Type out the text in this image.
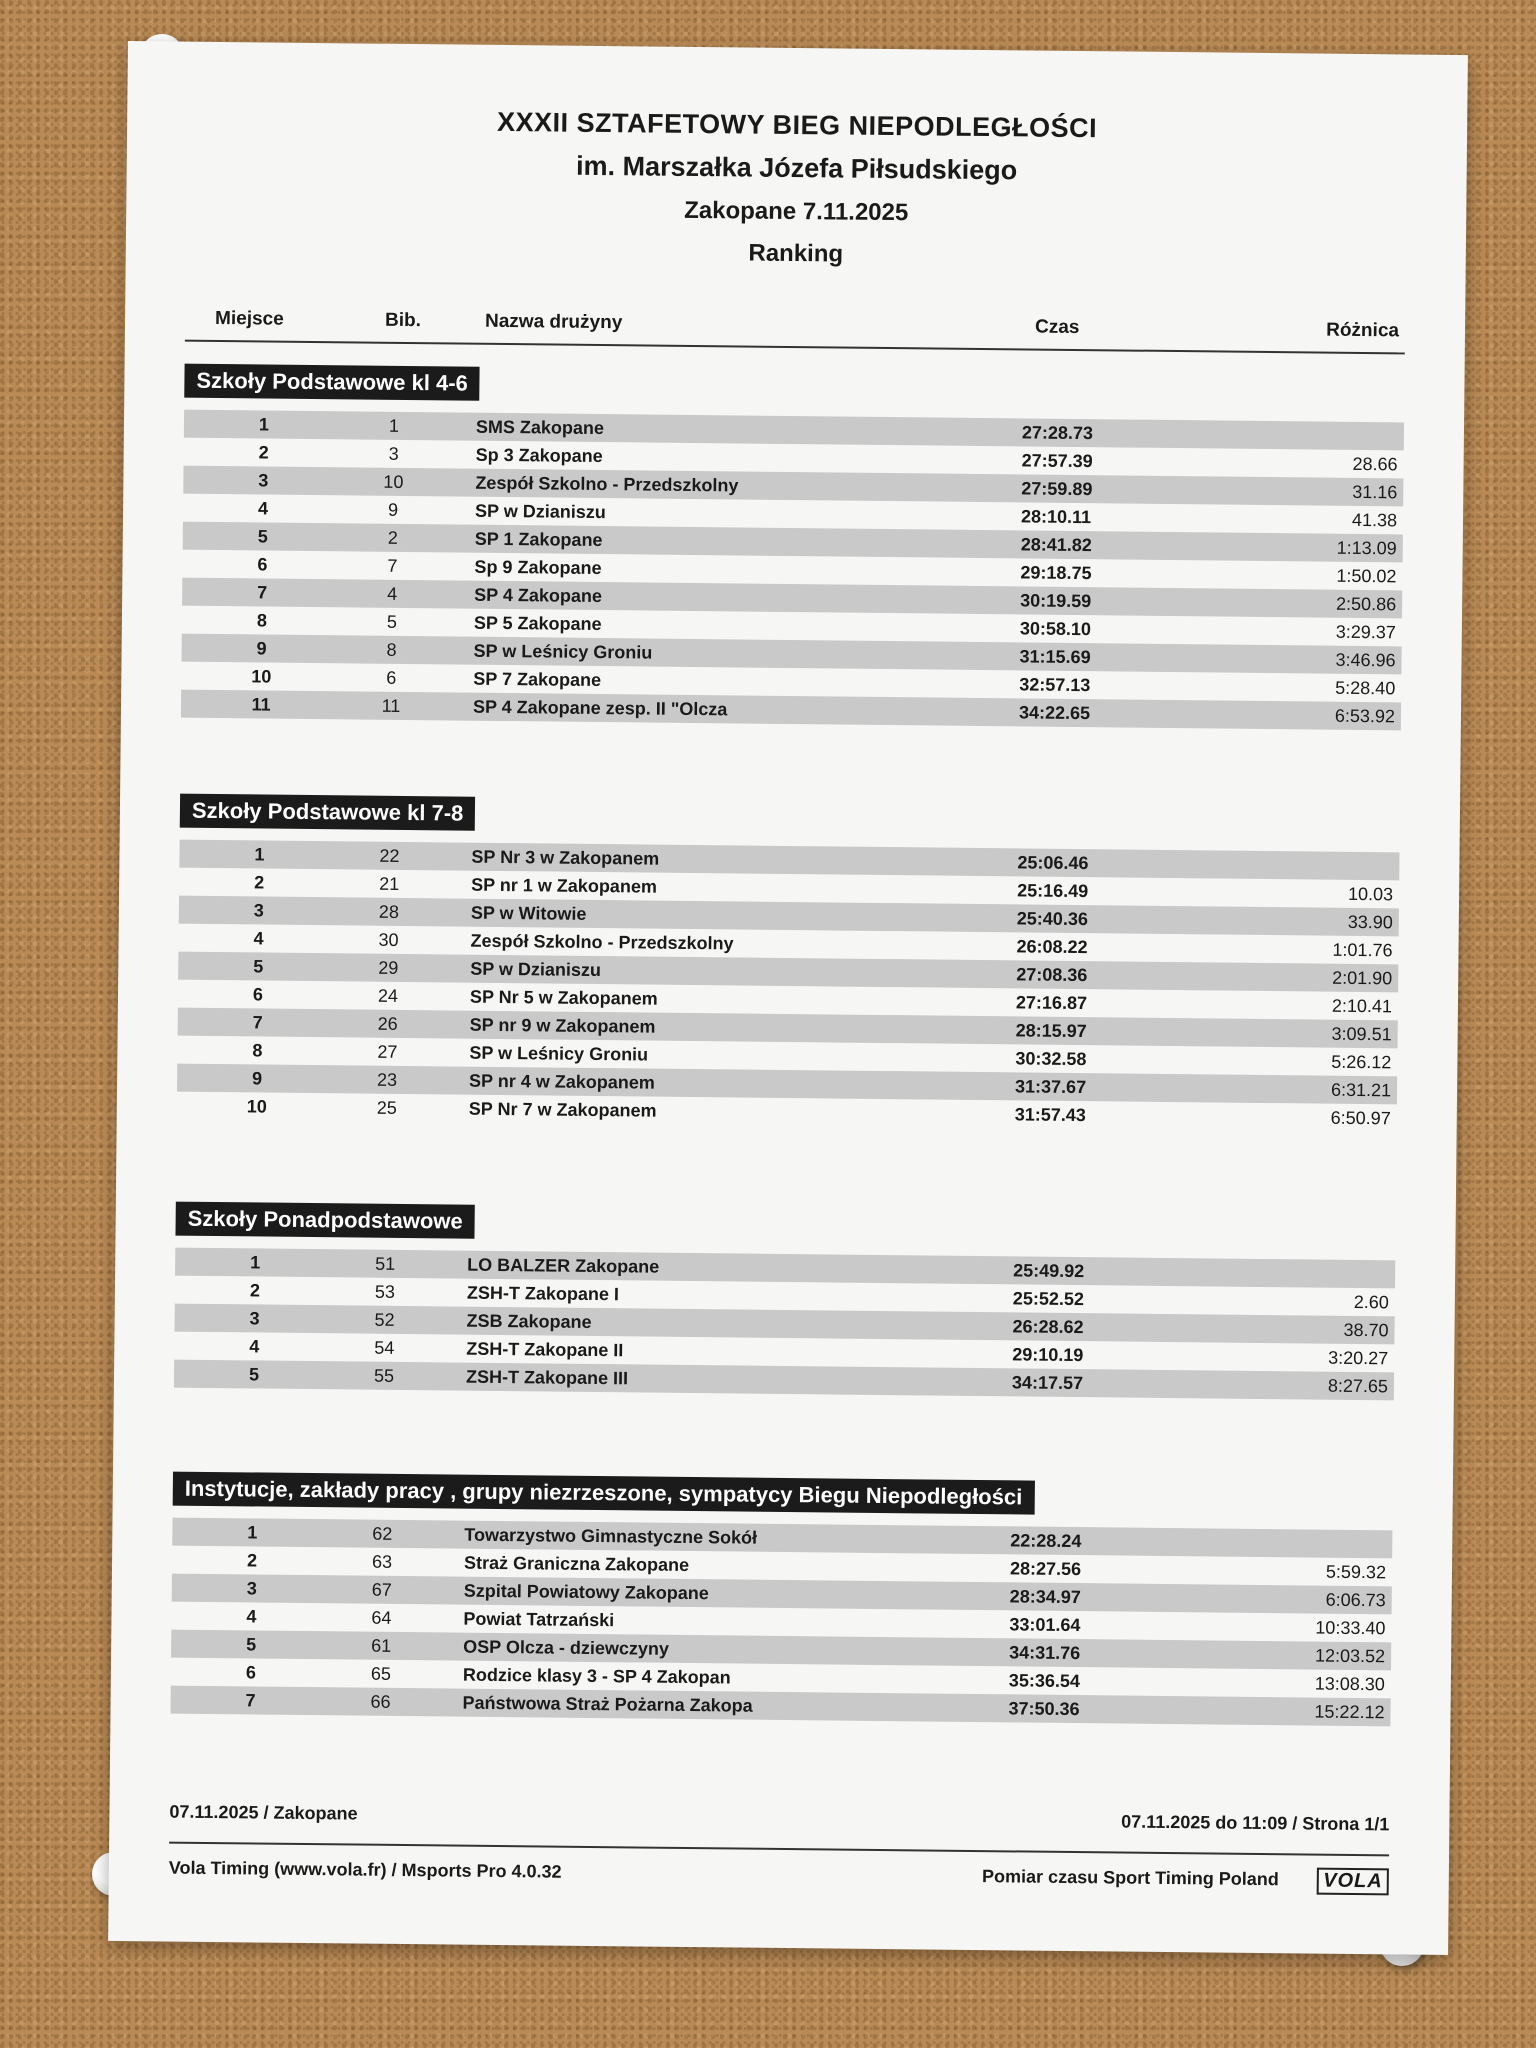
XXXII SZTAFETOWY BIEG NIEPODLEGŁOŚCI
im. Marszałka Józefa Piłsudskiego
Zakopane 7.11.2025
Ranking
Miejsce	Bib.	Nazwa drużyny	Czas	Różnica
Szkoły Podstawowe kl 4-6
1	1	SMS Zakopane	27:28.73
2	3	Sp 3 Zakopane	27:57.39	28.66
3	10	Zespół Szkolno - Przedszkolny	27:59.89	31.16
4	9	SP w Dzianiszu	28:10.11	41.38
5	2	SP 1 Zakopane	28:41.82	1:13.09
6	7	Sp 9 Zakopane	29:18.75	1:50.02
7	4	SP 4 Zakopane	30:19.59	2:50.86
8	5	SP 5 Zakopane	30:58.10	3:29.37
9	8	SP w Leśnicy Groniu	31:15.69	3:46.96
10	6	SP 7 Zakopane	32:57.13	5:28.40
11	11	SP 4 Zakopane zesp. II "Olcza	34:22.65	6:53.92
Szkoły Podstawowe kl 7-8
1	22	SP Nr 3 w Zakopanem	25:06.46
2	21	SP nr 1 w Zakopanem	25:16.49	10.03
3	28	SP w Witowie	25:40.36	33.90
4	30	Zespół Szkolno - Przedszkolny	26:08.22	1:01.76
5	29	SP w Dzianiszu	27:08.36	2:01.90
6	24	SP Nr 5 w Zakopanem	27:16.87	2:10.41
7	26	SP nr 9 w Zakopanem	28:15.97	3:09.51
8	27	SP w Leśnicy Groniu	30:32.58	5:26.12
9	23	SP nr 4 w Zakopanem	31:37.67	6:31.21
10	25	SP Nr 7 w Zakopanem	31:57.43	6:50.97
Szkoły Ponadpodstawowe
1	51	LO BALZER Zakopane	25:49.92
2	53	ZSH-T Zakopane I	25:52.52	2.60
3	52	ZSB Zakopane	26:28.62	38.70
4	54	ZSH-T Zakopane II	29:10.19	3:20.27
5	55	ZSH-T Zakopane III	34:17.57	8:27.65
Instytucje, zakłady pracy , grupy niezrzeszone, sympatycy Biegu Niepodległości
1	62	Towarzystwo Gimnastyczne Sokół	22:28.24
2	63	Straż Graniczna Zakopane	28:27.56	5:59.32
3	67	Szpital Powiatowy Zakopane	28:34.97	6:06.73
4	64	Powiat Tatrzański	33:01.64	10:33.40
5	61	OSP Olcza - dziewczyny	34:31.76	12:03.52
6	65	Rodzice klasy 3 - SP 4 Zakopan	35:36.54	13:08.30
7	66	Państwowa Straż Pożarna Zakopa	37:50.36	15:22.12
07.11.2025 / Zakopane	07.11.2025 do 11:09 / Strona 1/1
Vola Timing (www.vola.fr) / Msports Pro 4.0.32	Pomiar czasu Sport Timing Poland	VOLA
